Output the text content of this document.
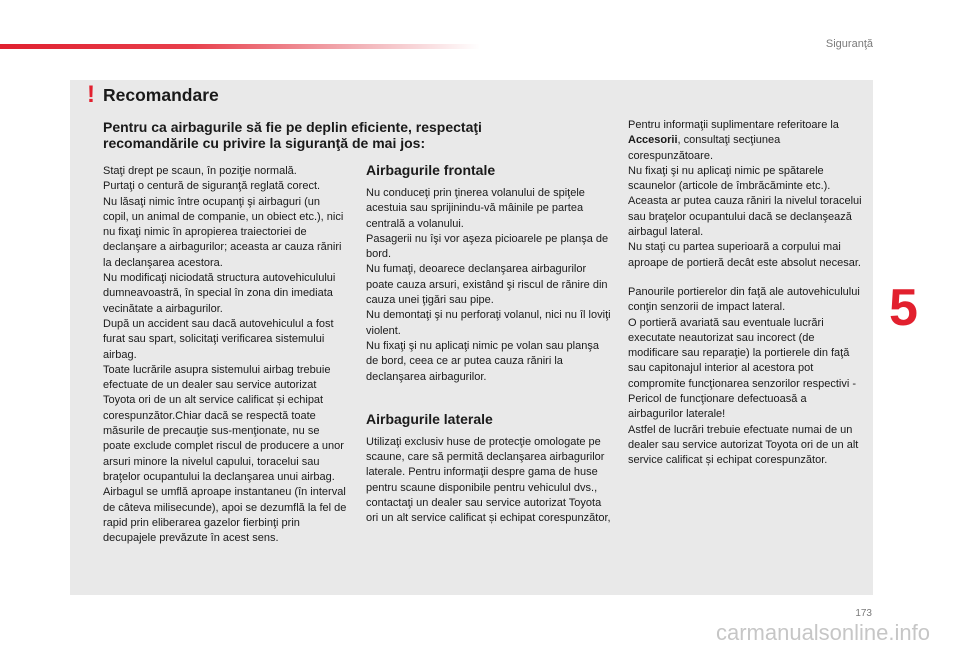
Siguranţă
! Recomandare
Pentru ca airbagurile să fie pe deplin eficiente, respectaţi recomandările cu privire la siguranţă de mai jos:

Staţi drept pe scaun, în poziţie normală.
Purtaţi o centură de siguranţă reglată corect.
Nu lăsaţi nimic între ocupanţi şi airbaguri (un copil, un animal de companie, un obiect etc.), nici nu fixaţi nimic în apropierea traiectoriei de declanşare a airbagurilor; aceasta ar cauza răniri la declanşarea acestora.
Nu modificaţi niciodată structura autovehiculului dumneavoastră, în special în zona din imediata vecinătate a airbagurilor.
După un accident sau dacă autovehiculul a fost furat sau spart, solicitaţi verificarea sistemului airbag.
Toate lucrările asupra sistemului airbag trebuie efectuate de un dealer sau service autorizat Toyota ori de un alt service calificat și echipat corespunzător.Chiar dacă se respectă toate măsurile de precauţie sus-menţionate, nu se poate exclude complet riscul de producere a unor arsuri minore la nivelul capului, toracelui sau braţelor ocupantului la declanşarea unui airbag.
Airbagul se umflă aproape instantaneu (în interval de câteva milisecunde), apoi se dezumflă la fel de rapid prin eliberarea gazelor fierbinţi prin decupajele prevăzute în acest sens.

Airbagurile frontale

Nu conduceţi prin ţinerea volanului de spiţele acestuia sau sprijinindu-vă mâinile pe partea centrală a volanului.
Pasagerii nu îşi vor aşeza picioarele pe planşa de bord.
Nu fumaţi, deoarece declanşarea airbagurilor poate cauza arsuri, existând şi riscul de rănire din cauza unei ţigări sau pipe.
Nu demontaţi şi nu perforaţi volanul, nici nu îl loviţi violent.
Nu fixaţi şi nu aplicaţi nimic pe volan sau planşa de bord, ceea ce ar putea cauza răniri la declanşarea airbagurilor.

Airbagurile laterale

Utilizaţi exclusiv huse de protecţie omologate pe scaune, care să permită declanşarea airbagurilor laterale. Pentru informaţii despre gama de huse pentru scaune disponibile pentru vehiculul dvs., contactaţi un dealer sau service autorizat Toyota ori un alt service calificat și echipat corespunzător,

Pentru informaţii suplimentare referitoare la Accesorii, consultaţi secţiunea corespunzătoare.
Nu fixaţi şi nu aplicaţi nimic pe spătarele scaunelor (articole de îmbrăcăminte etc.). Aceasta ar putea cauza răniri la nivelul toracelui sau braţelor ocupantului dacă se declanşează airbagul lateral.
Nu staţi cu partea superioară a corpului mai aproape de portieră decât este absolut necesar.

Panourile portierelor din faţă ale autovehiculului conţin senzorii de impact lateral.
O portieră avariată sau eventuale lucrări executate neautorizat sau incorect (de modificare sau reparaţie) la portierele din faţă sau capitonajul interior al acestora pot compromite funcţionarea senzorilor respectivi - Pericol de funcţionare defectuoasă a airbagurilor laterale!
Astfel de lucrări trebuie efectuate numai de un dealer sau service autorizat Toyota ori de un alt service calificat și echipat corespunzător.

5
173
carmanualsonline.info
